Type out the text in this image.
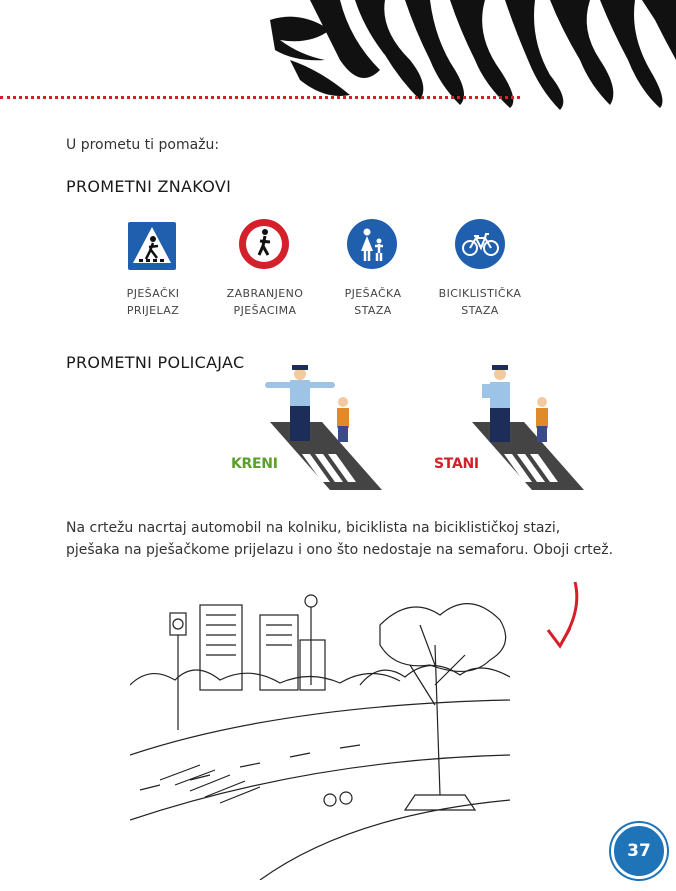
U prometu ti pomažu:
PROMETNI ZNAKOVI
PJEŠAČKI
PRIJELAZ
ZABRANJENO
PJEŠACIMA
PJEŠAČKA
STAZA
BICIKLISTIČKA
STAZA
PROMETNI POLICAJAC
KRENI	STANI
Na crtežu nacrtaj automobil na kolniku, biciklista na biciklističkoj stazi,
pješaka na pješačkome prijelazu i ono što nedostaje na semaforu. Oboji crtež.
37
